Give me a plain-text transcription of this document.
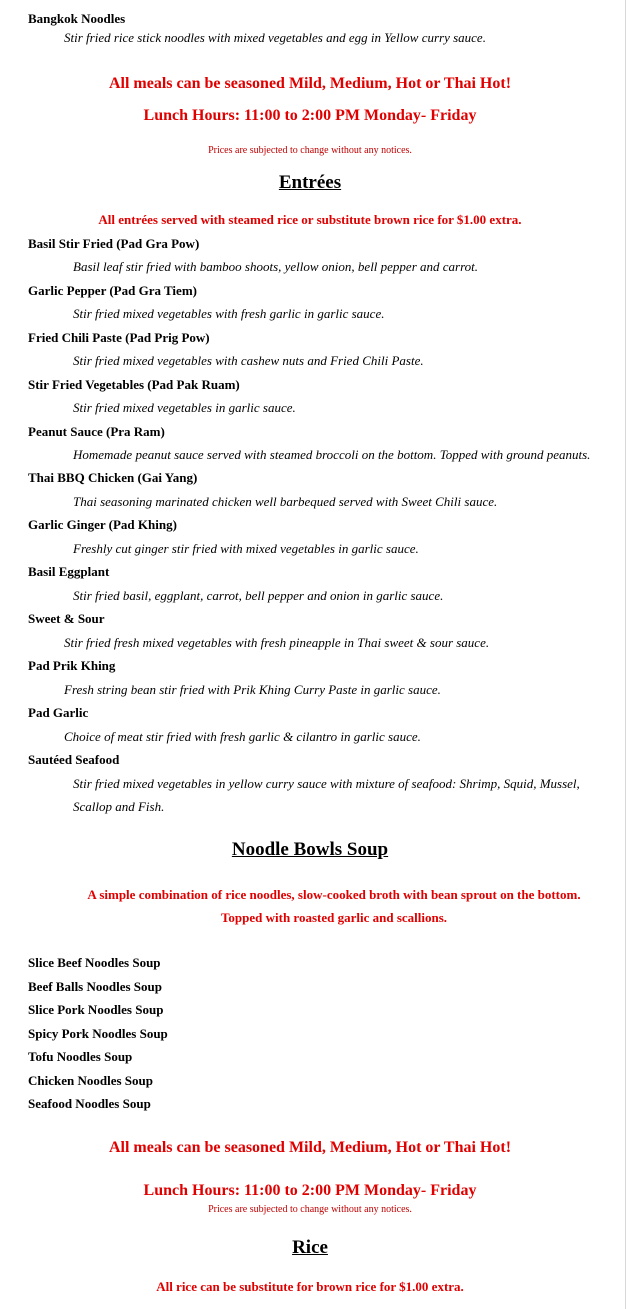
Bangkok Noodles
Stir fried rice stick noodles with mixed vegetables and egg in Yellow curry sauce.
All meals can be seasoned Mild, Medium, Hot or Thai Hot!
Lunch Hours: 11:00 to 2:00 PM Monday- Friday
Prices are subjected to change without any notices.
Entrées
All entrées served with steamed rice or substitute brown rice for $1.00 extra.
Basil Stir Fried (Pad Gra Pow)
Basil leaf stir fried with bamboo shoots, yellow onion, bell pepper and carrot.
Garlic Pepper (Pad Gra Tiem)
Stir fried mixed vegetables with fresh garlic in garlic sauce.
Fried Chili Paste (Pad Prig Pow)
Stir fried mixed vegetables with cashew nuts and Fried Chili Paste.
Stir Fried Vegetables (Pad Pak Ruam)
Stir fried mixed vegetables in garlic sauce.
Peanut Sauce (Pra Ram)
Homemade peanut sauce served with steamed broccoli on the bottom. Topped with ground peanuts.
Thai BBQ Chicken (Gai Yang)
Thai seasoning marinated chicken well barbequed served with Sweet Chili sauce.
Garlic Ginger (Pad Khing)
Freshly cut ginger stir fried with mixed vegetables in garlic sauce.
Basil Eggplant
Stir fried basil, eggplant, carrot, bell pepper and onion in garlic sauce.
Sweet & Sour
Stir fried fresh mixed vegetables with fresh pineapple in Thai sweet & sour sauce.
Pad Prik Khing
Fresh string bean stir fried with Prik Khing Curry Paste in garlic sauce.
Pad Garlic
Choice of meat stir fried with fresh garlic & cilantro in garlic sauce.
Sautéed Seafood
Stir fried mixed vegetables in yellow curry sauce with mixture of seafood: Shrimp, Squid, Mussel,
Scallop and Fish.
Noodle Bowls Soup
A simple combination of rice noodles, slow-cooked broth with bean sprout on the bottom.
Topped with roasted garlic and scallions.
Slice Beef Noodles Soup
Beef Balls Noodles Soup
Slice Pork Noodles Soup
Spicy Pork Noodles Soup
Tofu Noodles Soup
Chicken Noodles Soup
Seafood Noodles Soup
All meals can be seasoned Mild, Medium, Hot or Thai Hot!
Lunch Hours: 11:00 to 2:00 PM Monday- Friday
Prices are subjected to change without any notices.
Rice
All rice can be substitute for brown rice for $1.00 extra.
